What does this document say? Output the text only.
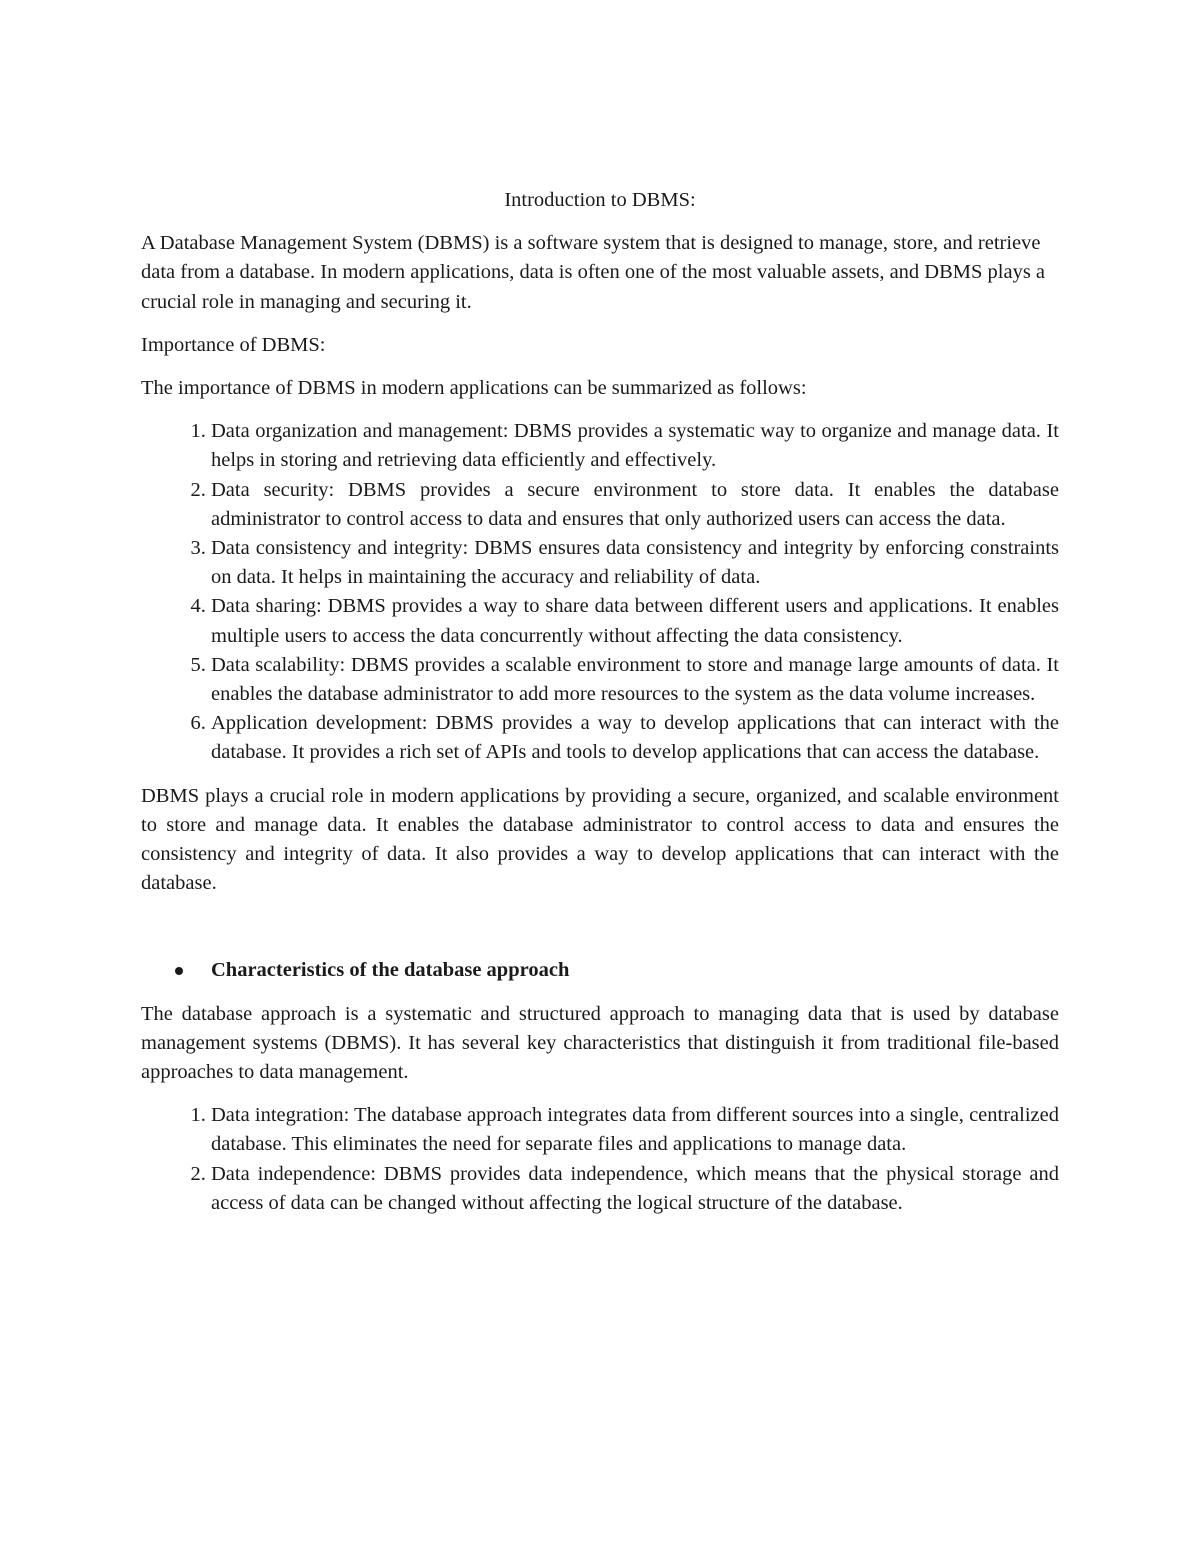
Introduction to DBMS:

A Database Management System (DBMS) is a software system that is designed to manage, store, and retrieve data from a database. In modern applications, data is often one of the most valuable assets, and DBMS plays a crucial role in managing and securing it.

Importance of DBMS:

The importance of DBMS in modern applications can be summarized as follows:

1. Data organization and management: DBMS provides a systematic way to organize and manage data. It helps in storing and retrieving data efficiently and effectively.
2. Data security: DBMS provides a secure environment to store data. It enables the database administrator to control access to data and ensures that only authorized users can access the data.
3. Data consistency and integrity: DBMS ensures data consistency and integrity by enforcing constraints on data. It helps in maintaining the accuracy and reliability of data.
4. Data sharing: DBMS provides a way to share data between different users and applications. It enables multiple users to access the data concurrently without affecting the data consistency.
5. Data scalability: DBMS provides a scalable environment to store and manage large amounts of data. It enables the database administrator to add more resources to the system as the data volume increases.
6. Application development: DBMS provides a way to develop applications that can interact with the database. It provides a rich set of APIs and tools to develop applications that can access the database.

DBMS plays a crucial role in modern applications by providing a secure, organized, and scalable environment to store and manage data. It enables the database administrator to control access to data and ensures the consistency and integrity of data. It also provides a way to develop applications that can interact with the database.

Characteristics of the database approach

The database approach is a systematic and structured approach to managing data that is used by database management systems (DBMS). It has several key characteristics that distinguish it from traditional file-based approaches to data management.

1. Data integration: The database approach integrates data from different sources into a single, centralized database. This eliminates the need for separate files and applications to manage data.
2. Data independence: DBMS provides data independence, which means that the physical storage and access of data can be changed without affecting the logical structure of the database.
